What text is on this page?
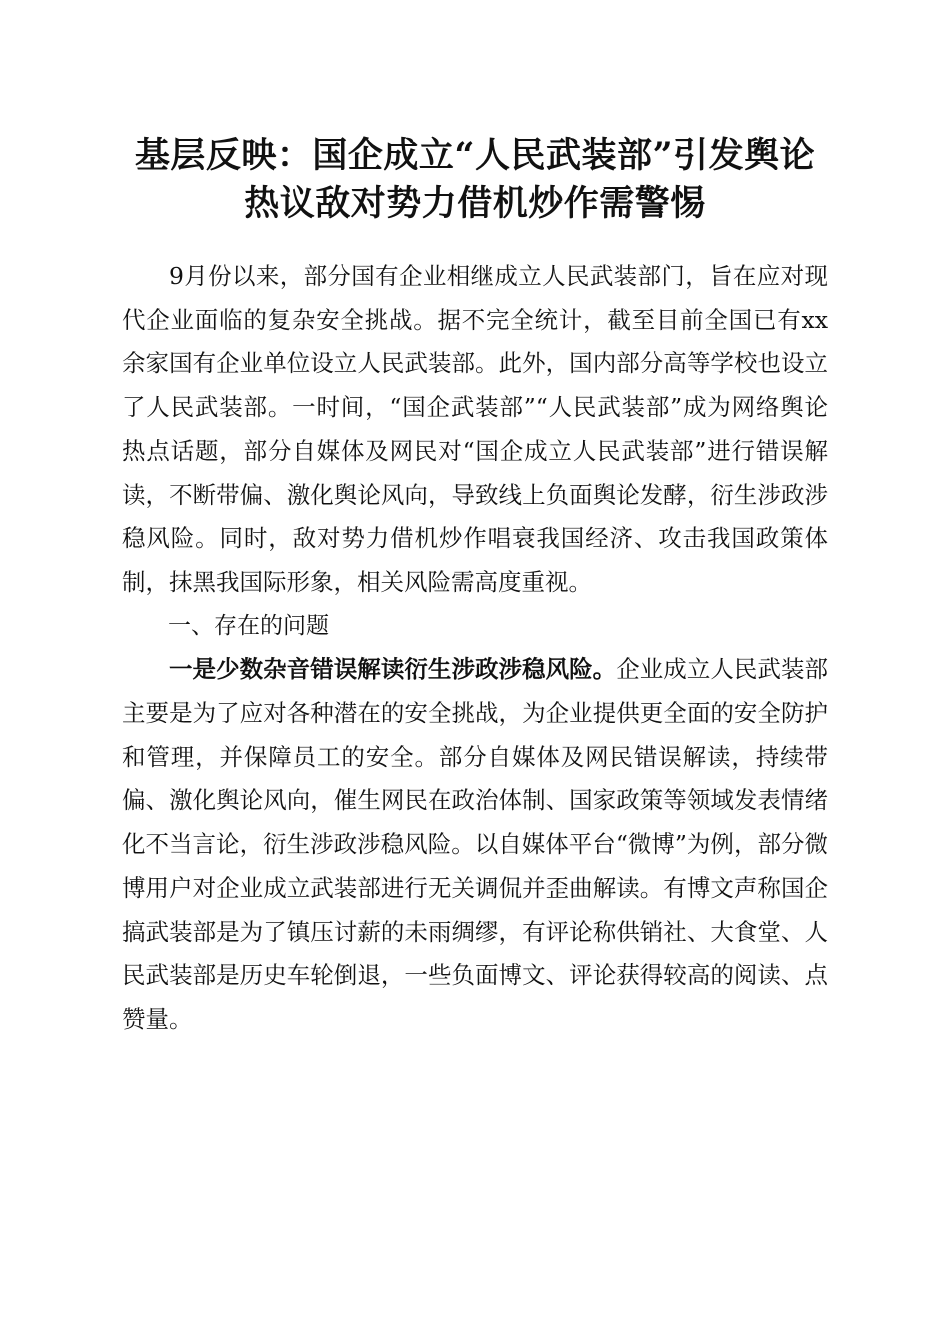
基层反映：国企成立“人民武装部”引发舆论
热议敌对势力借机炒作需警惕

9月份以来，部分国有企业相继成立人民武装部门，旨在应对现代企业面临的复杂安全挑战。据不完全统计，截至目前全国已有xx余家国有企业单位设立人民武装部。此外，国内部分高等学校也设立了人民武装部。一时间，“国企武装部”“人民武装部”成为网络舆论热点话题，部分自媒体及网民对“国企成立人民武装部”进行错误解读，不断带偏、激化舆论风向，导致线上负面舆论发酵，衍生涉政涉稳风险。同时，敌对势力借机炒作唱衰我国经济、攻击我国政策体制，抹黑我国际形象，相关风险需高度重视。

一、存在的问题

一是少数杂音错误解读衍生涉政涉稳风险。企业成立人民武装部主要是为了应对各种潜在的安全挑战，为企业提供更全面的安全防护和管理，并保障员工的安全。部分自媒体及网民错误解读，持续带偏、激化舆论风向，催生网民在政治体制、国家政策等领域发表情绪化不当言论，衍生涉政涉稳风险。以自媒体平台“微博”为例，部分微博用户对企业成立武装部进行无关调侃并歪曲解读。有博文声称国企搞武装部是为了镇压讨薪的未雨绸缪，有评论称供销社、大食堂、人民武装部是历史车轮倒退，一些负面博文、评论获得较高的阅读、点赞量。
